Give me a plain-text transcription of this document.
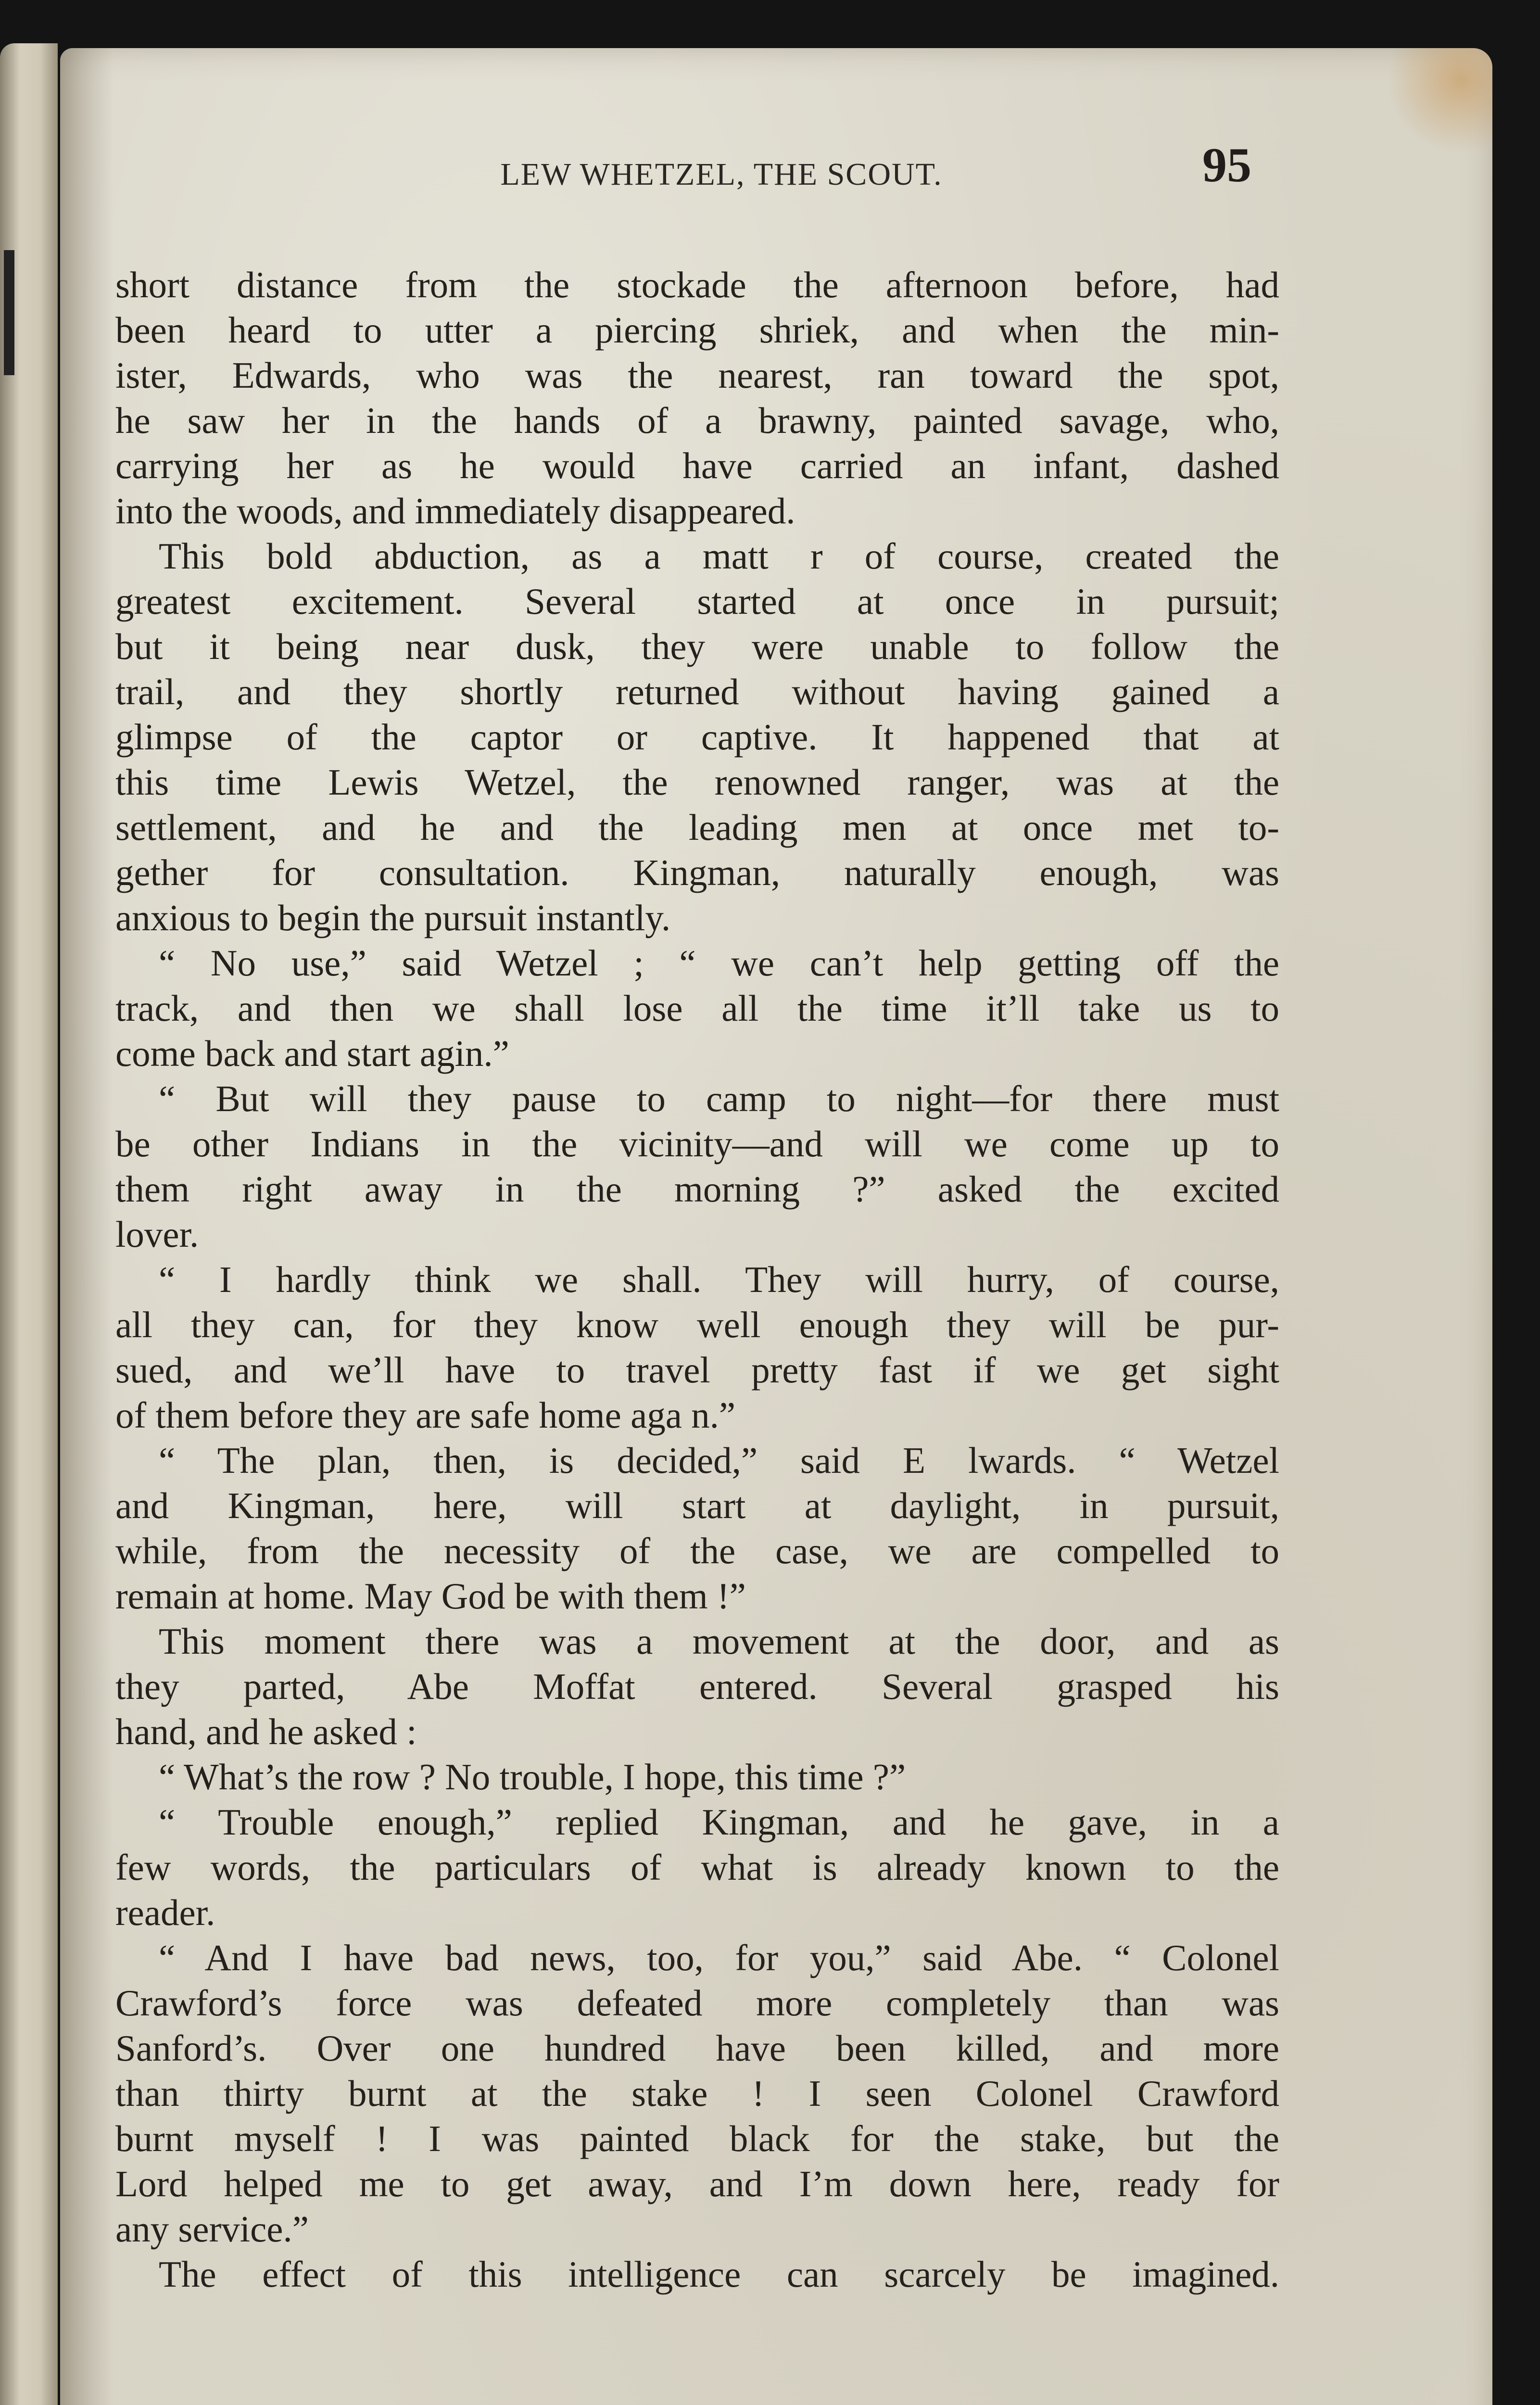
LEW WHETZEL, THE SCOUT.	95
short distance from the stockade the afternoon before, had
been heard to utter a piercing shriek, and when the min-
ister, Edwards, who was the nearest, ran toward the spot,
he saw her in the hands of a brawny, painted savage, who,
carrying her as he would have carried an infant, dashed
into the woods, and immediately disappeared.
This bold abduction, as a matt r of course, created the
greatest excitement. Several started at once in pursuit;
but it being near dusk, they were unable to follow the
trail, and they shortly returned without having gained a
glimpse of the captor or captive. It happened that at
this time Lewis Wetzel, the renowned ranger, was at the
settlement, and he and the leading men at once met to-
gether for consultation. Kingman, naturally enough, was
anxious to begin the pursuit instantly.
“ No use,” said Wetzel ; “ we can’t help getting off the
track, and then we shall lose all the time it’ll take us to
come back and start agin.”
“ But will they pause to camp to night—for there must
be other Indians in the vicinity—and will we come up to
them right away in the morning ?” asked the excited
lover.
“ I hardly think we shall. They will hurry, of course,
all they can, for they know well enough they will be pur-
sued, and we’ll have to travel pretty fast if we get sight
of them before they are safe home aga n.”
“ The plan, then, is decided,” said E lwards. “ Wetzel
and Kingman, here, will start at daylight, in pursuit,
while, from the necessity of the case, we are compelled to
remain at home. May God be with them !”
This moment there was a movement at the door, and as
they parted, Abe Moffat entered. Several grasped his
hand, and he asked :
“ What’s the row ? No trouble, I hope, this time ?”
“ Trouble enough,” replied Kingman, and he gave, in a
few words, the particulars of what is already known to the
reader.
“ And I have bad news, too, for you,” said Abe. “ Colonel
Crawford’s force was defeated more completely than was
Sanford’s. Over one hundred have been killed, and more
than thirty burnt at the stake ! I seen Colonel Crawford
burnt myself ! I was painted black for the stake, but the
Lord helped me to get away, and I’m down here, ready for
any service.”
The effect of this intelligence can scarcely be imagined.
